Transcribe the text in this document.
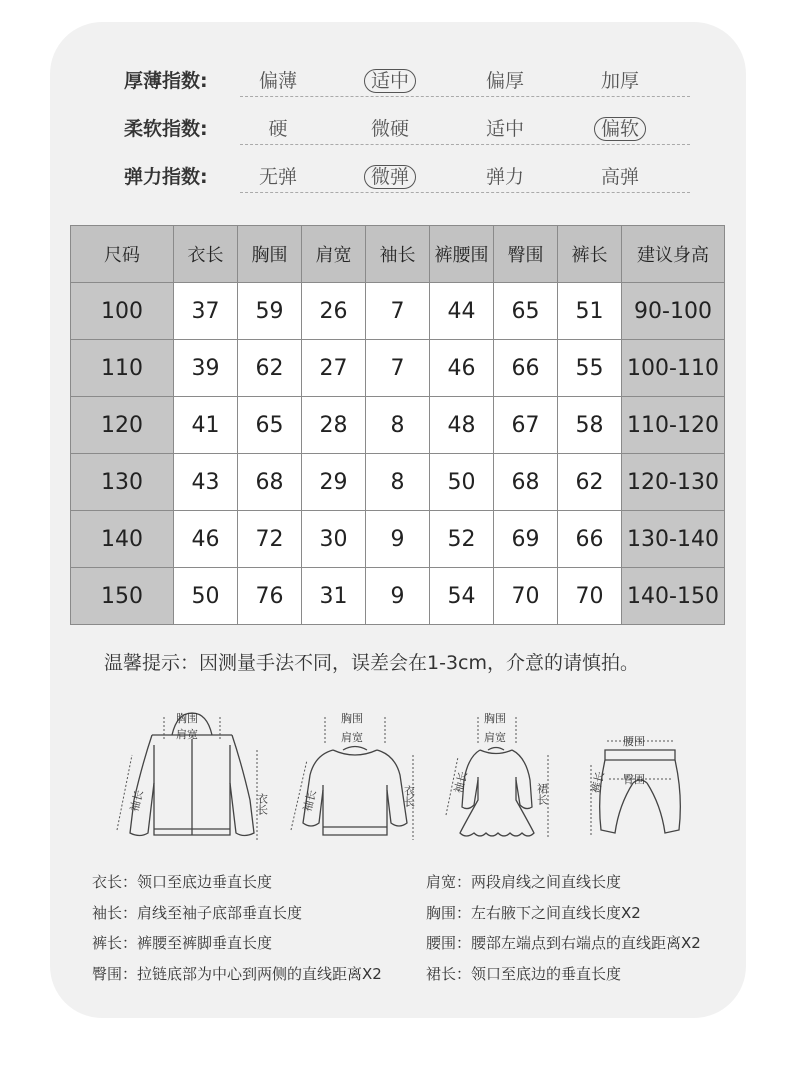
厚薄指数:	偏薄	适中	偏厚	加厚
柔软指数:	硬	微硬	适中	偏软
弹力指数:	无弹	微弹	弹力	高弹
尺码	衣长	胸围	肩宽	袖长	裤腰围	臀围	裤长	建议身高
100	37	59	26	7	44	65	51	90-100
110	39	62	27	7	46	66	55	100-110
120	41	65	28	8	48	67	58	110-120
130	43	68	29	8	50	68	62	120-130
140	46	72	30	9	52	69	66	130-140
150	50	76	31	9	54	70	70	140-150
温馨提示：因测量手法不同，误差会在1-3cm，介意的请慎拍。
胸围
肩宽
衣长
袖长
胸围
肩宽
衣长
袖长
胸围
肩宽
裙长
袖长
腰围
臀围
裤长
衣长：领口至底边垂直长度
袖长：肩线至袖子底部垂直长度
裤长：裤腰至裤脚垂直长度
臀围：拉链底部为中心到两侧的直线距离X2
肩宽：两段肩线之间直线长度
胸围：左右腋下之间直线长度X2
腰围：腰部左端点到右端点的直线距离X2
裙长：领口至底边的垂直长度
